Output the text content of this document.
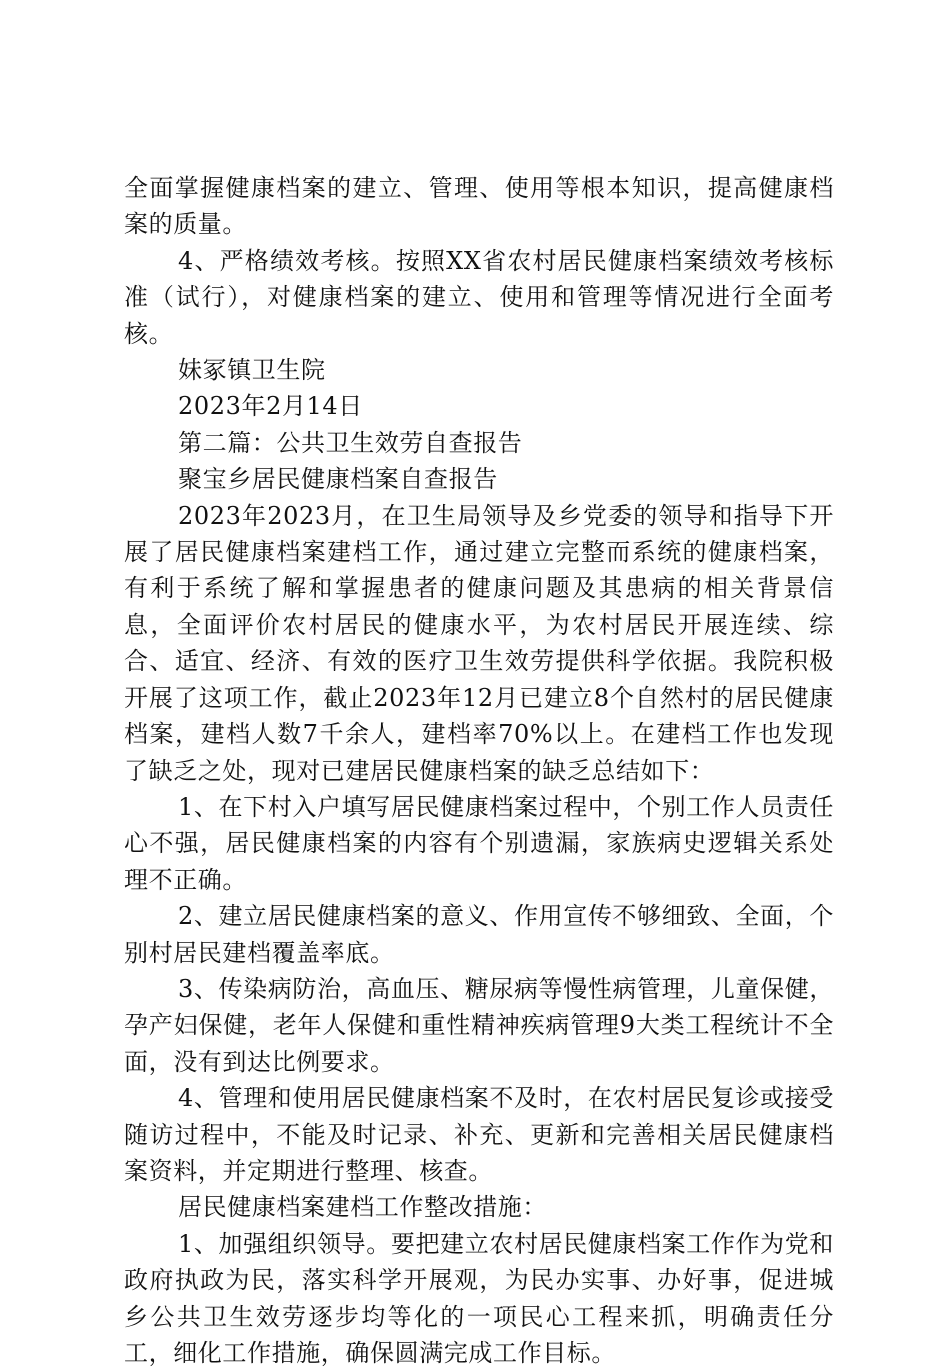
全面掌握健康档案的建立、管理、使用等根本知识，提高健康档案的质量。

4、严格绩效考核。按照XX省农村居民健康档案绩效考核标准（试行），对健康档案的建立、使用和管理等情况进行全面考核。

妹冢镇卫生院

2023年2月14日

第二篇：公共卫生效劳自查报告

聚宝乡居民健康档案自查报告

2023年2023月，在卫生局领导及乡党委的领导和指导下开展了居民健康档案建档工作，通过建立完整而系统的健康档案，有利于系统了解和掌握患者的健康问题及其患病的相关背景信息，全面评价农村居民的健康水平，为农村居民开展连续、综合、适宜、经济、有效的医疗卫生效劳提供科学依据。我院积极开展了这项工作，截止2023年12月已建立8个自然村的居民健康档案，建档人数7千余人，建档率70%以上。在建档工作也发现了缺乏之处，现对已建居民健康档案的缺乏总结如下：

1、在下村入户填写居民健康档案过程中，个别工作人员责任心不强，居民健康档案的内容有个别遗漏，家族病史逻辑关系处理不正确。

2、建立居民健康档案的意义、作用宣传不够细致、全面，个别村居民建档覆盖率底。

3、传染病防治，高血压、糖尿病等慢性病管理，儿童保健，孕产妇保健，老年人保健和重性精神疾病管理9大类工程统计不全面，没有到达比例要求。

4、管理和使用居民健康档案不及时，在农村居民复诊或接受随访过程中，不能及时记录、补充、更新和完善相关居民健康档案资料，并定期进行整理、核查。

居民健康档案建档工作整改措施：

1、加强组织领导。要把建立农村居民健康档案工作作为党和政府执政为民，落实科学开展观，为民办实事、办好事，促进城乡公共卫生效劳逐步均等化的一项民心工程来抓，明确责任分工，细化工作措施，确保圆满完成工作目标。
